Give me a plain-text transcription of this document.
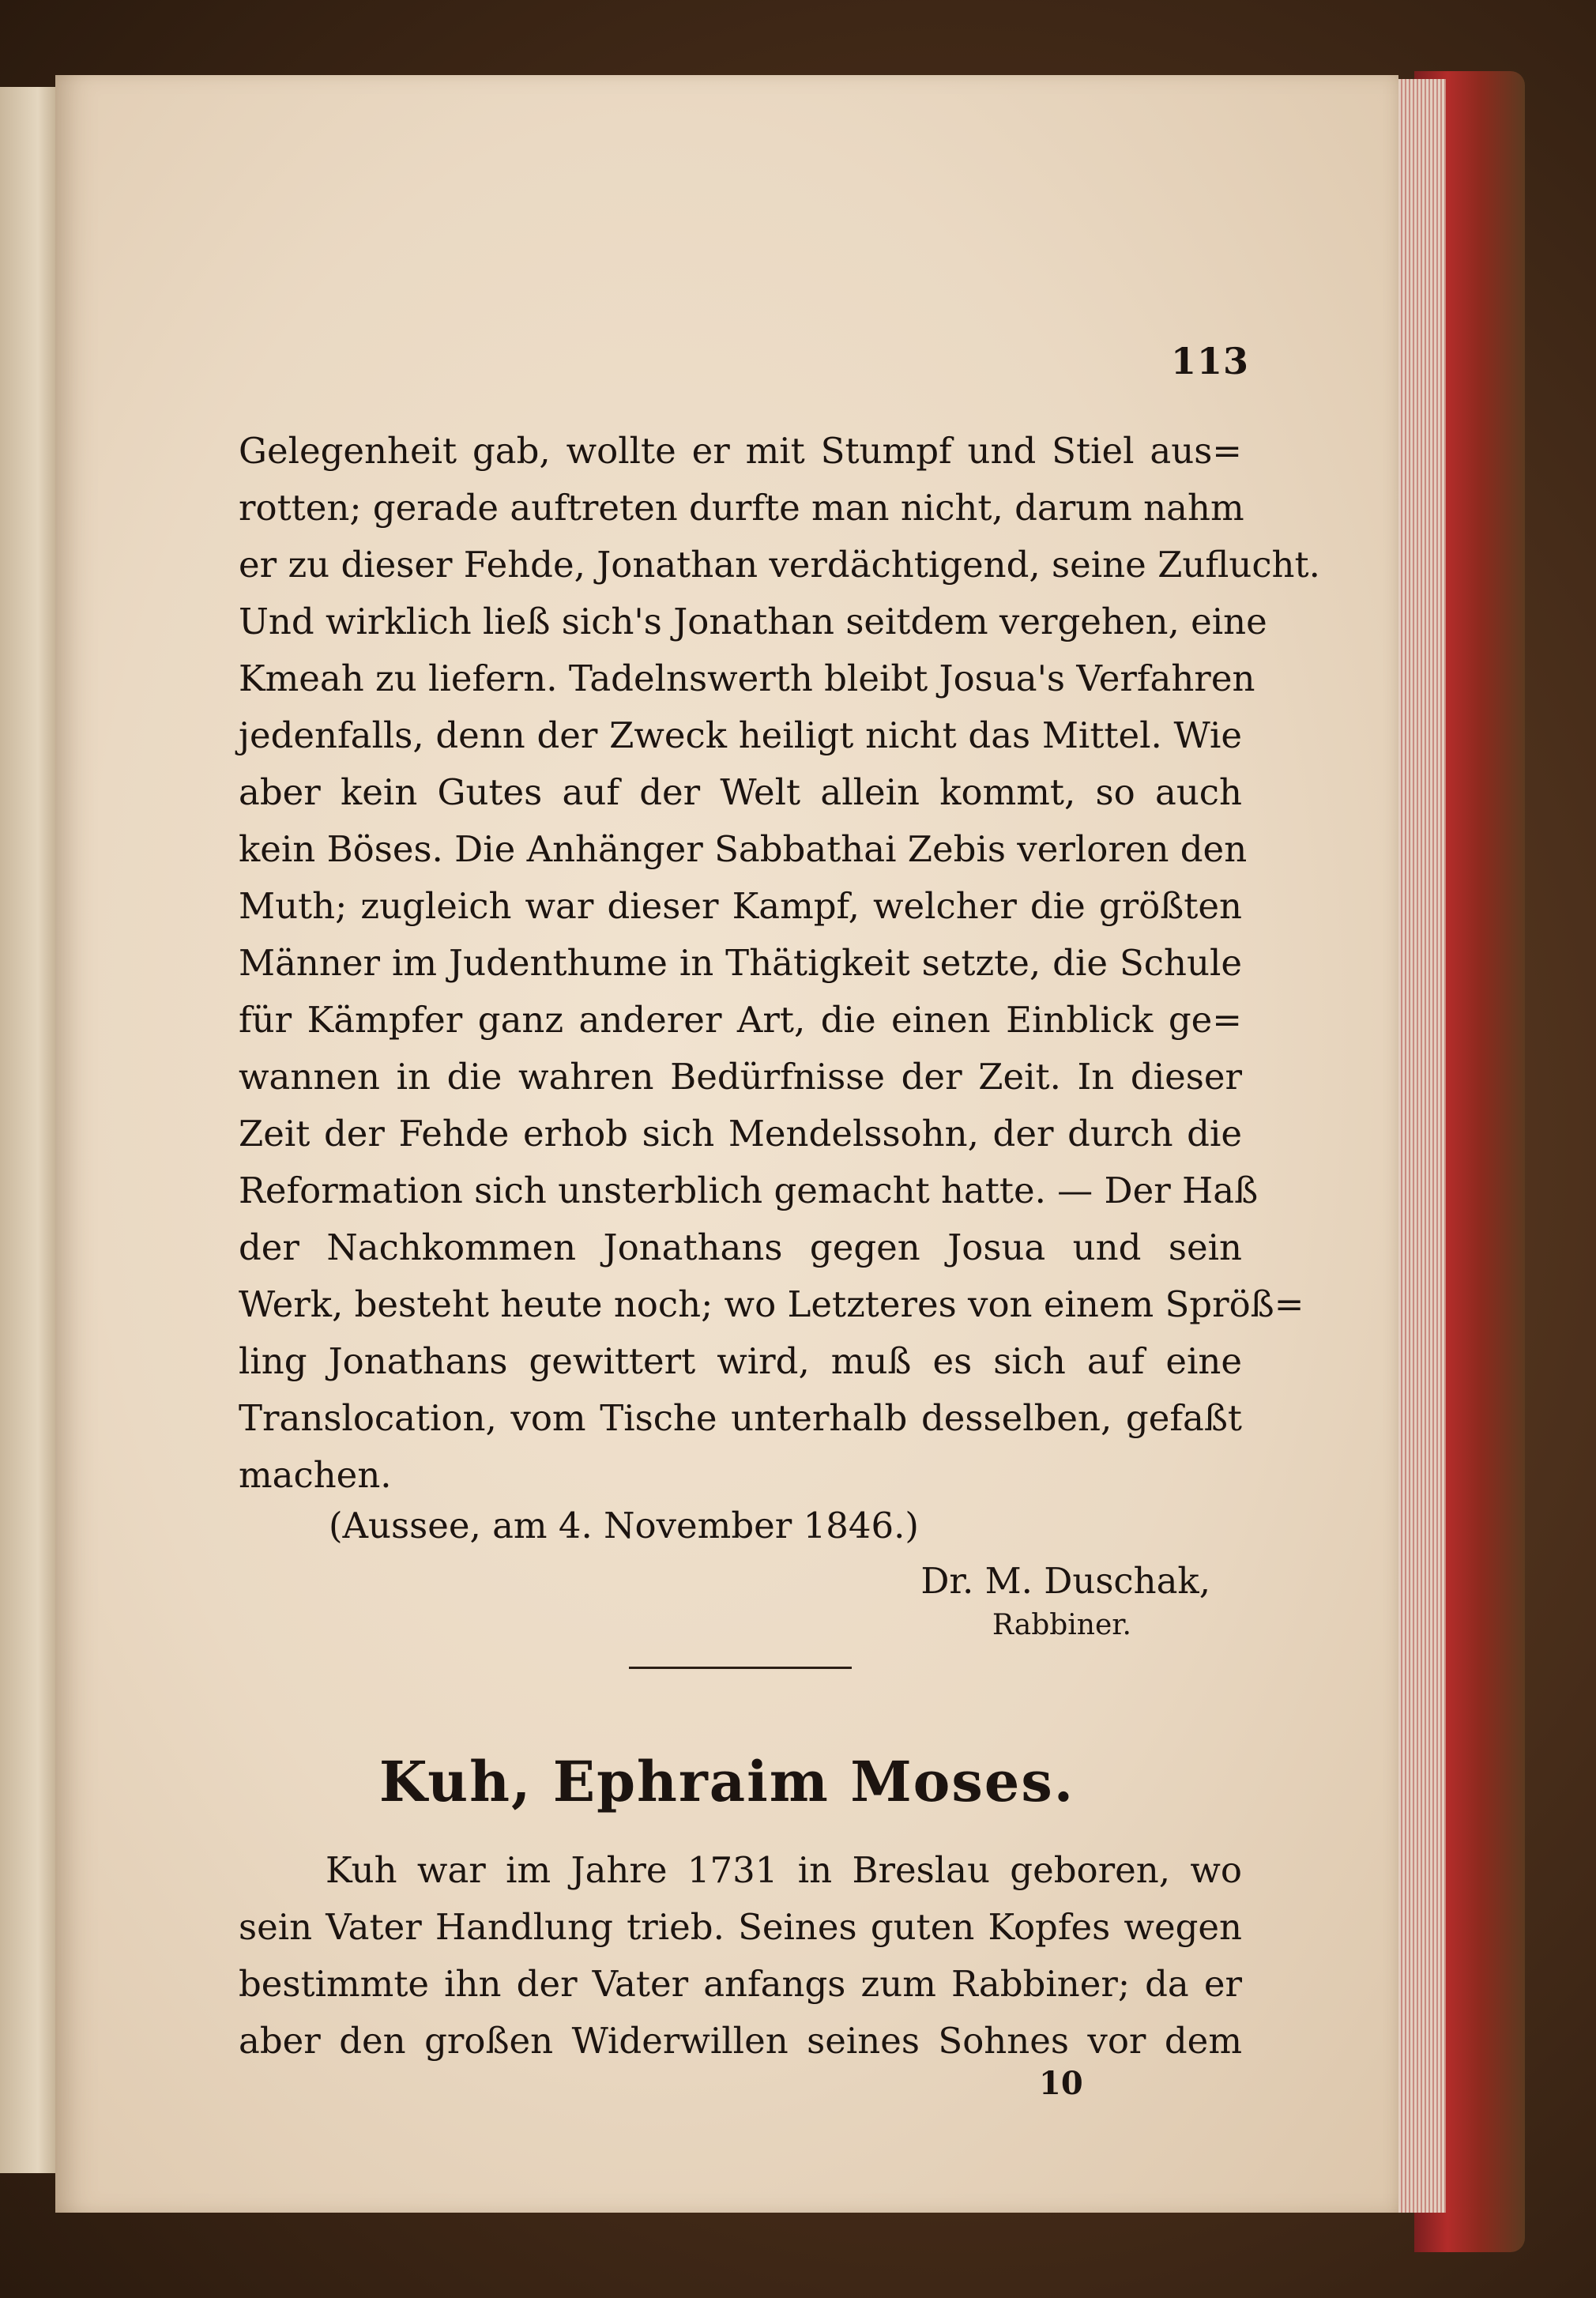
113
Gelegenheit gab, wollte er mit Stumpf und Stiel aus=
rotten; gerade auftreten durfte man nicht, darum nahm
er zu dieser Fehde, Jonathan verdächtigend, seine Zuflucht.
Und wirklich ließ sich's Jonathan seitdem vergehen, eine
Kmeah zu liefern. Tadelnswerth bleibt Josua's Verfahren
jedenfalls, denn der Zweck heiligt nicht das Mittel. Wie
aber kein Gutes auf der Welt allein kommt, so auch
kein Böses. Die Anhänger Sabbathai Zebis verloren den
Muth; zugleich war dieser Kampf, welcher die größten
Männer im Judenthume in Thätigkeit setzte, die Schule
für Kämpfer ganz anderer Art, die einen Einblick ge=
wannen in die wahren Bedürfnisse der Zeit. In dieser
Zeit der Fehde erhob sich Mendelssohn, der durch die
Reformation sich unsterblich gemacht hatte. — Der Haß
der Nachkommen Jonathans gegen Josua und sein
Werk, besteht heute noch; wo Letzteres von einem Spröß=
ling Jonathans gewittert wird, muß es sich auf eine
Translocation, vom Tische unterhalb desselben, gefaßt
machen.
(Aussee, am 4. November 1846.)
Dr. M. Duschak,
Rabbiner.
Kuh, Ephraim Moses.
Kuh war im Jahre 1731 in Breslau geboren, wo
sein Vater Handlung trieb. Seines guten Kopfes wegen
bestimmte ihn der Vater anfangs zum Rabbiner; da er
aber den großen Widerwillen seines Sohnes vor dem
10
